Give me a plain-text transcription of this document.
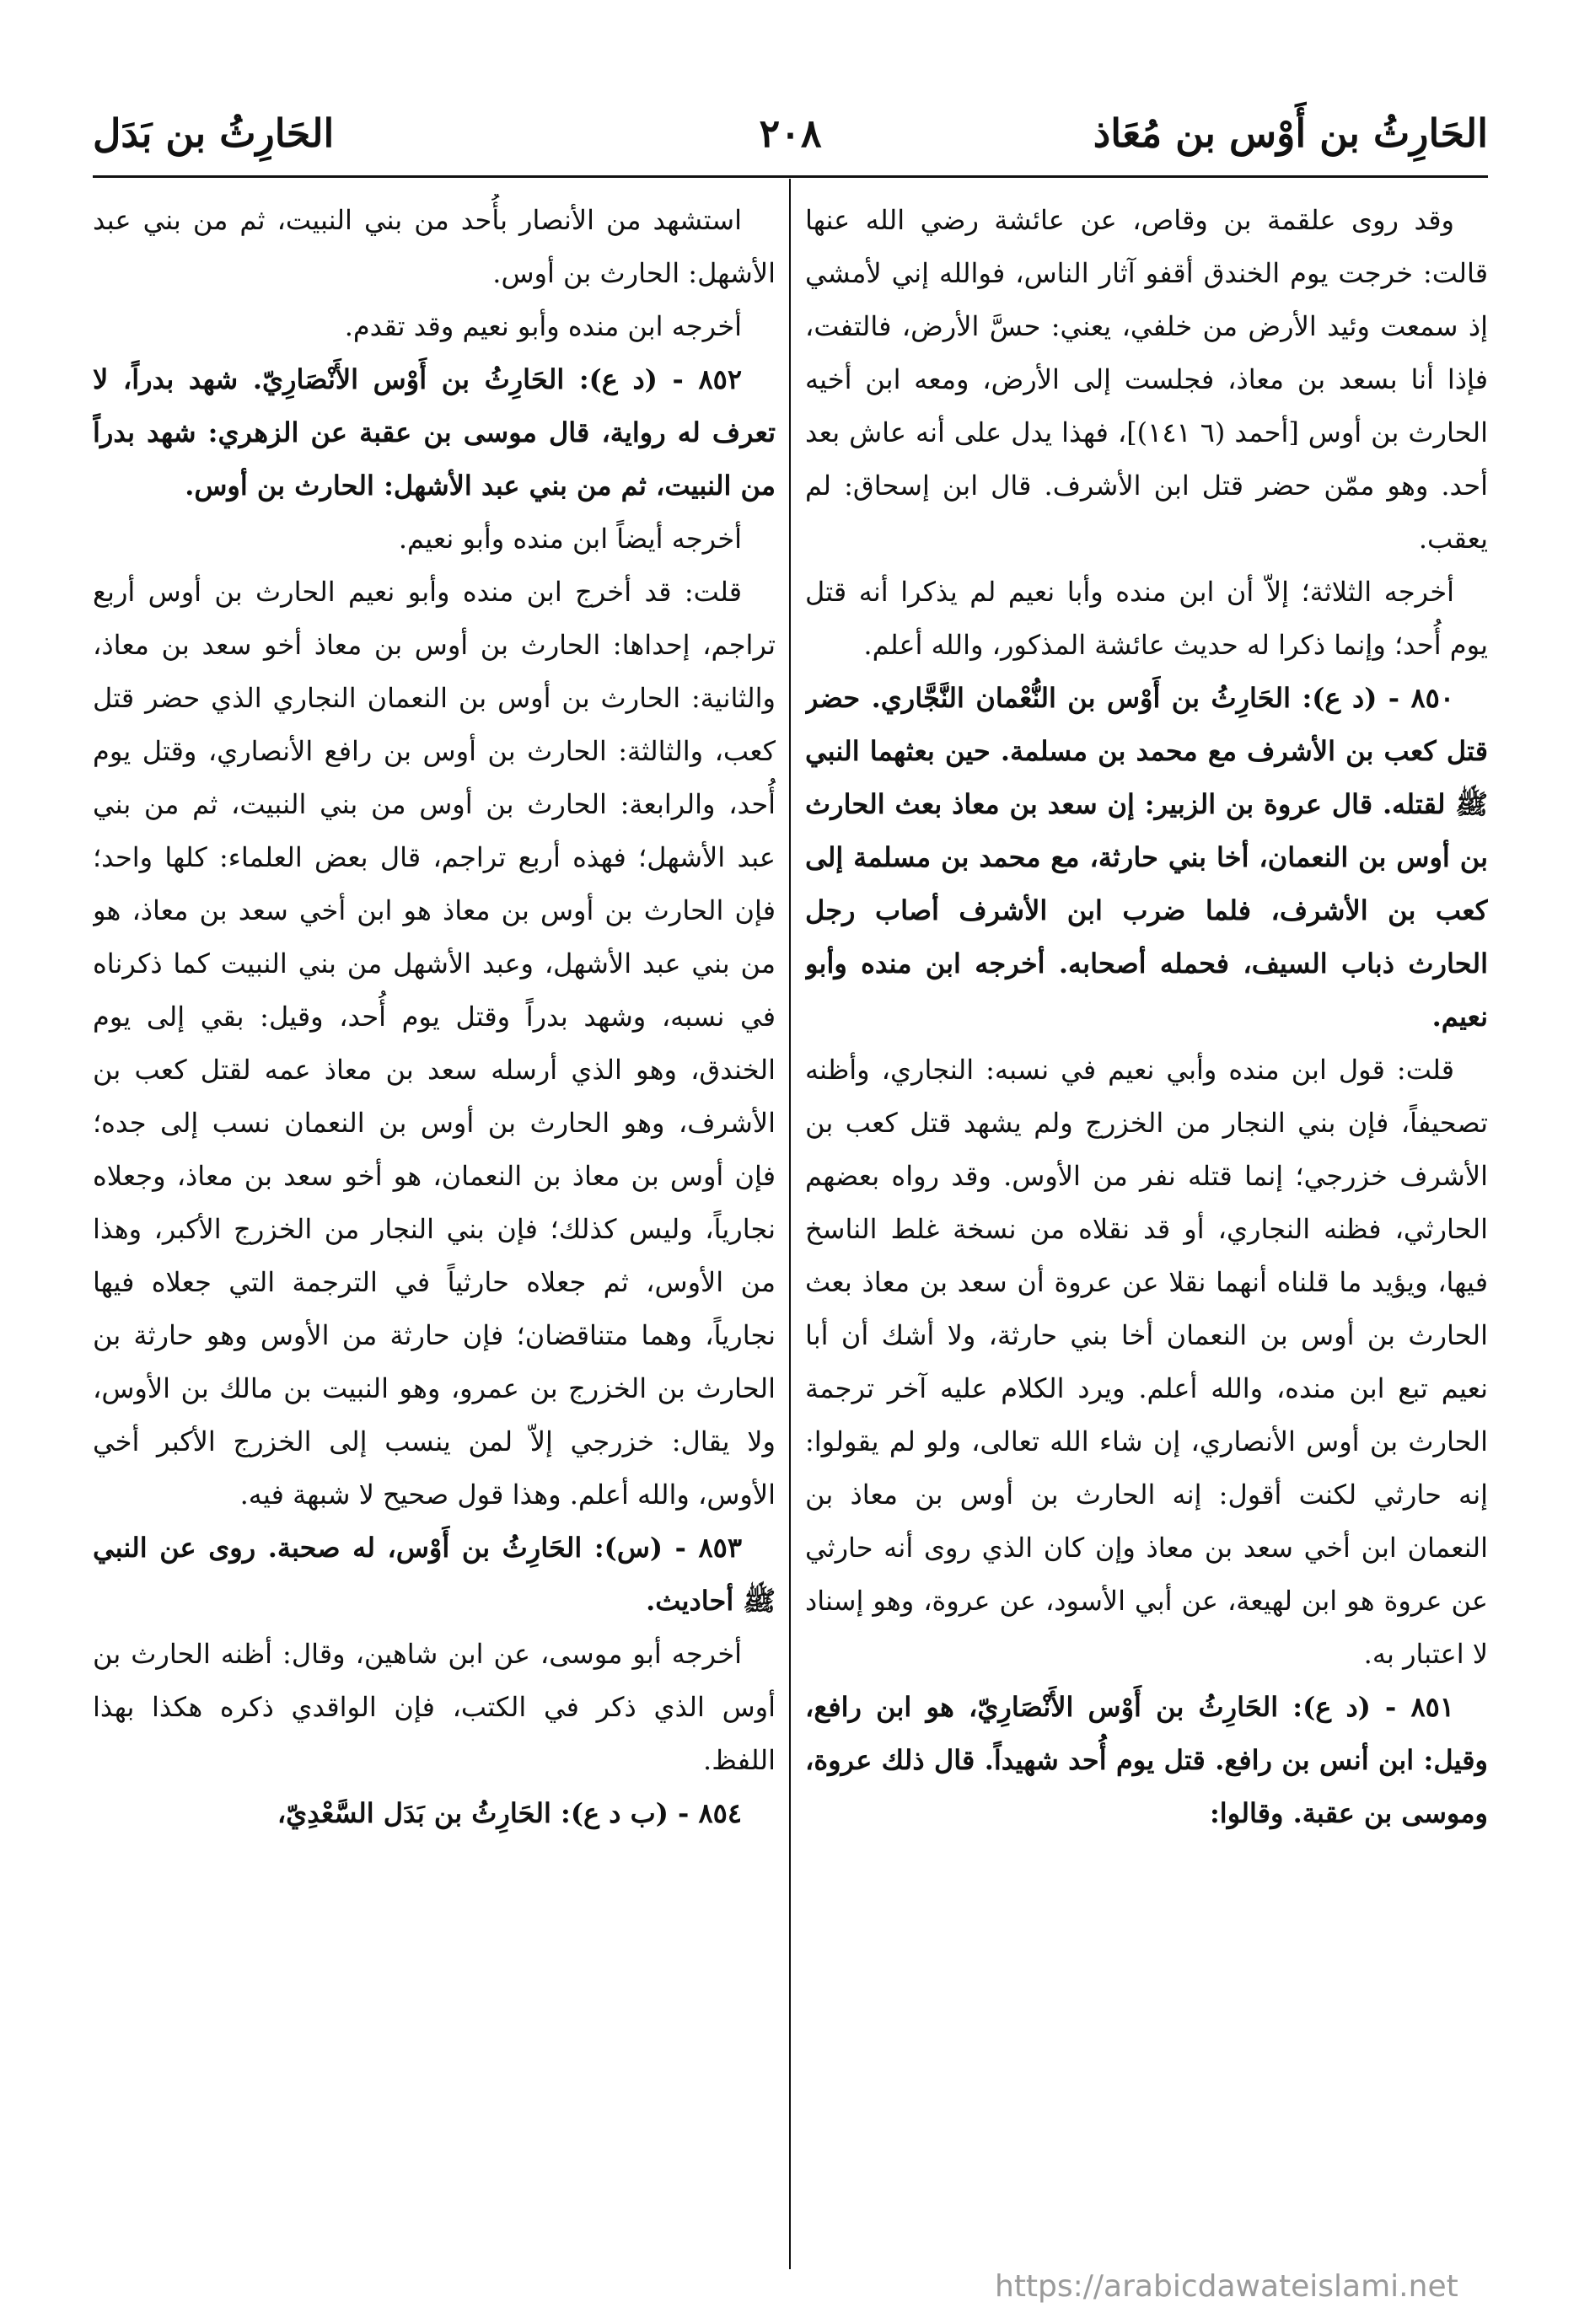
الحَارِثُ بن أَوْس بن مُعَاذ
٢٠٨
الحَارِثُ بن بَدَل

وقد روى علقمة بن وقاص، عن عائشة رضي الله عنها قالت: خرجت يوم الخندق أقفو آثار الناس، فوالله إني لأمشي إذ سمعت وئيد الأرض من خلفي، يعني: حسَّ الأرض، فالتفت، فإذا أنا بسعد بن معاذ، فجلست إلى الأرض، ومعه ابن أخيه الحارث بن أوس [أحمد (٦ ١٤١)]، فهذا يدل على أنه عاش بعد أحد. وهو ممّن حضر قتل ابن الأشرف. قال ابن إسحاق: لم يعقب.

أخرجه الثلاثة؛ إلاّ أن ابن منده وأبا نعيم لم يذكرا أنه قتل يوم أُحد؛ وإنما ذكرا له حديث عائشة المذكور، والله أعلم.

٨٥٠ - (د ع): الحَارِثُ بن أَوْس بن النُّعْمان النَّجَّاري. حضر قتل كعب بن الأشرف مع محمد بن مسلمة. حين بعثهما النبي ﷺ لقتله. قال عروة بن الزبير: إن سعد بن معاذ بعث الحارث بن أوس بن النعمان، أخا بني حارثة، مع محمد بن مسلمة إلى كعب بن الأشرف، فلما ضرب ابن الأشرف أصاب رجل الحارث ذباب السيف، فحمله أصحابه. أخرجه ابن منده وأبو نعيم.

قلت: قول ابن منده وأبي نعيم في نسبه: النجاري، وأظنه تصحيفاً، فإن بني النجار من الخزرج ولم يشهد قتل كعب بن الأشرف خزرجي؛ إنما قتله نفر من الأوس. وقد رواه بعضهم الحارثي، فظنه النجاري، أو قد نقلاه من نسخة غلط الناسخ فيها، ويؤيد ما قلناه أنهما نقلا عن عروة أن سعد بن معاذ بعث الحارث بن أوس بن النعمان أخا بني حارثة، ولا أشك أن أبا نعيم تبع ابن منده، والله أعلم. ويرد الكلام عليه آخر ترجمة الحارث بن أوس الأنصاري، إن شاء الله تعالى، ولو لم يقولوا: إنه حارثي لكنت أقول: إنه الحارث بن أوس بن معاذ بن النعمان ابن أخي سعد بن معاذ وإن كان الذي روى أنه حارثي عن عروة هو ابن لهيعة، عن أبي الأسود، عن عروة، وهو إسناد لا اعتبار به.

٨٥١ - (د ع): الحَارِثُ بن أَوْس الأَنْصَارِيّ، هو ابن رافع، وقيل: ابن أنس بن رافع. قتل يوم أُحد شهيداً. قال ذلك عروة، وموسى بن عقبة. وقالوا:

استشهد من الأنصار بأُحد من بني النبيت، ثم من بني عبد الأشهل: الحارث بن أوس.

أخرجه ابن منده وأبو نعيم وقد تقدم.

٨٥٢ - (د ع): الحَارِثُ بن أَوْس الأَنْصَارِيّ. شهد بدراً، لا تعرف له رواية، قال موسى بن عقبة عن الزهري: شهد بدراً من النبيت، ثم من بني عبد الأشهل: الحارث بن أوس.

أخرجه أيضاً ابن منده وأبو نعيم.

قلت: قد أخرج ابن منده وأبو نعيم الحارث بن أوس أربع تراجم، إحداها: الحارث بن أوس بن معاذ أخو سعد بن معاذ، والثانية: الحارث بن أوس بن النعمان النجاري الذي حضر قتل كعب، والثالثة: الحارث بن أوس بن رافع الأنصاري، وقتل يوم أُحد، والرابعة: الحارث بن أوس من بني النبيت، ثم من بني عبد الأشهل؛ فهذه أربع تراجم، قال بعض العلماء: كلها واحد؛ فإن الحارث بن أوس بن معاذ هو ابن أخي سعد بن معاذ، هو من بني عبد الأشهل، وعبد الأشهل من بني النبيت كما ذكرناه في نسبه، وشهد بدراً وقتل يوم أُحد، وقيل: بقي إلى يوم الخندق، وهو الذي أرسله سعد بن معاذ عمه لقتل كعب بن الأشرف، وهو الحارث بن أوس بن النعمان نسب إلى جده؛ فإن أوس بن معاذ بن النعمان، هو أخو سعد بن معاذ، وجعلاه نجارياً، وليس كذلك؛ فإن بني النجار من الخزرج الأكبر، وهذا من الأوس، ثم جعلاه حارثياً في الترجمة التي جعلاه فيها نجارياً، وهما متناقضان؛ فإن حارثة من الأوس وهو حارثة بن الحارث بن الخزرج بن عمرو، وهو النبيت بن مالك بن الأوس، ولا يقال: خزرجي إلاّ لمن ينسب إلى الخزرج الأكبر أخي الأوس، والله أعلم. وهذا قول صحيح لا شبهة فيه.

٨٥٣ - (س): الحَارِثُ بن أَوْس، له صحبة. روى عن النبي ﷺ أحاديث.

أخرجه أبو موسى، عن ابن شاهين، وقال: أظنه الحارث بن أوس الذي ذكر في الكتب، فإن الواقدي ذكره هكذا بهذا اللفظ.

٨٥٤ - (ب د ع): الحَارِثُ بن بَدَل السَّعْدِيّ،

https://arabicdawateislami.net
